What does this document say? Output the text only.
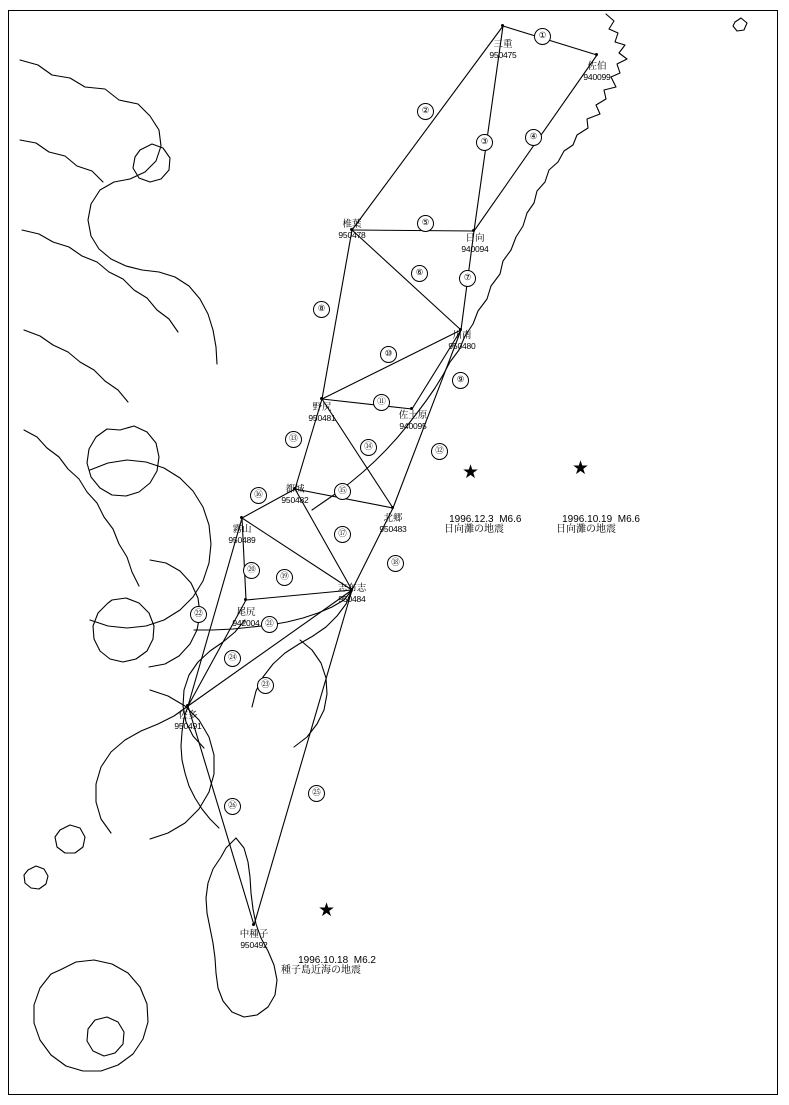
三重
950475

佐伯
940099

椎葉
950478

	日向
940094

川南
950480

野尻
950481

	佐土原
940095

都城
950482

北郷
950483

霧山
950489

志布志
950484

尾尻
942004

佐多
950491

中種子
950492

①
②
③	④
⑤
⑥	⑦
⑧
⑨
⑩
⑪
⑫
⑬
⑭
⑮
⑯
⑰
⑱
⑲
⑳
㉑
㉒
㉓
㉔
㉕
㉖
★	★
★

1996.12.3 M6.6

日向灘の地震

1996.10.19 M6.6

日向灘の地震

1996.10.18 M6.2

種子島近海の地震
